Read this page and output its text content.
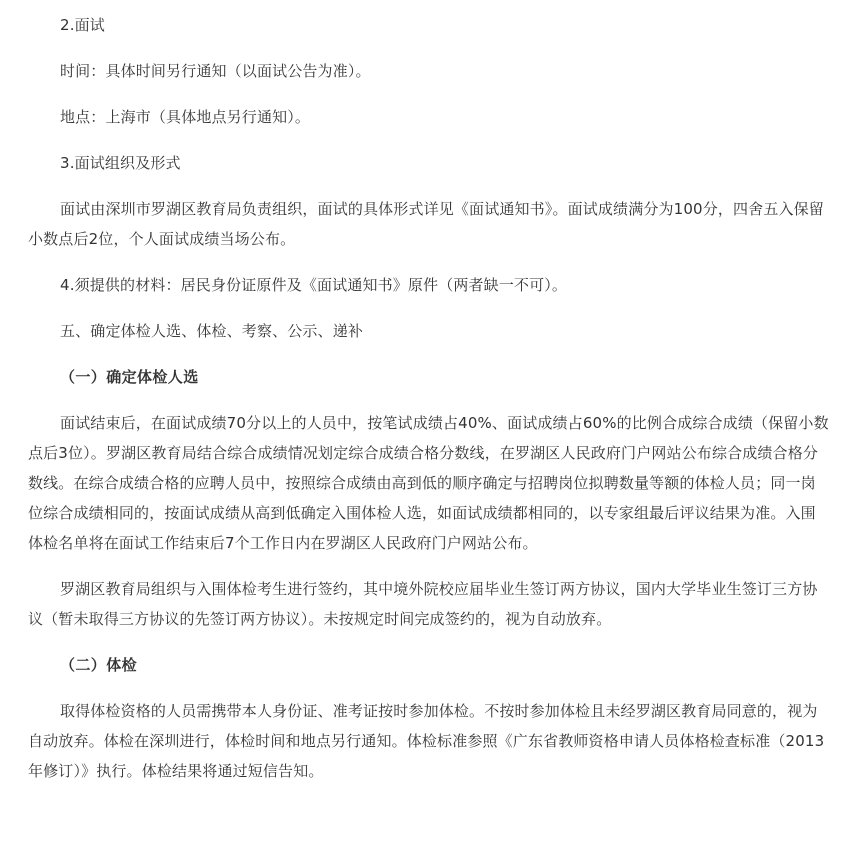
2.面试

时间：具体时间另行通知（以面试公告为准）。

地点：上海市（具体地点另行通知）。

3.面试组织及形式

面试由深圳市罗湖区教育局负责组织，面试的具体形式详见《面试通知书》。面试成绩满分为100分，四舍五入保留小数点后2位，个人面试成绩当场公布。

4.须提供的材料：居民身份证原件及《面试通知书》原件（两者缺一不可）。

五、确定体检人选、体检、考察、公示、递补

（一）确定体检人选

面试结束后，在面试成绩70分以上的人员中，按笔试成绩占40%、面试成绩占60%的比例合成综合成绩（保留小数点后3位）。罗湖区教育局结合综合成绩情况划定综合成绩合格分数线，在罗湖区人民政府门户网站公布综合成绩合格分数线。在综合成绩合格的应聘人员中，按照综合成绩由高到低的顺序确定与招聘岗位拟聘数量等额的体检人员；同一岗位综合成绩相同的，按面试成绩从高到低确定入围体检人选，如面试成绩都相同的，以专家组最后评议结果为准。入围体检名单将在面试工作结束后7个工作日内在罗湖区人民政府门户网站公布。

罗湖区教育局组织与入围体检考生进行签约，其中境外院校应届毕业生签订两方协议，国内大学毕业生签订三方协议（暂未取得三方协议的先签订两方协议）。未按规定时间完成签约的，视为自动放弃。

（二）体检

取得体检资格的人员需携带本人身份证、准考证按时参加体检。不按时参加体检且未经罗湖区教育局同意的，视为自动放弃。体检在深圳进行，体检时间和地点另行通知。体检标准参照《广东省教师资格申请人员体格检查标准（2013年修订）》执行。体检结果将通过短信告知。
